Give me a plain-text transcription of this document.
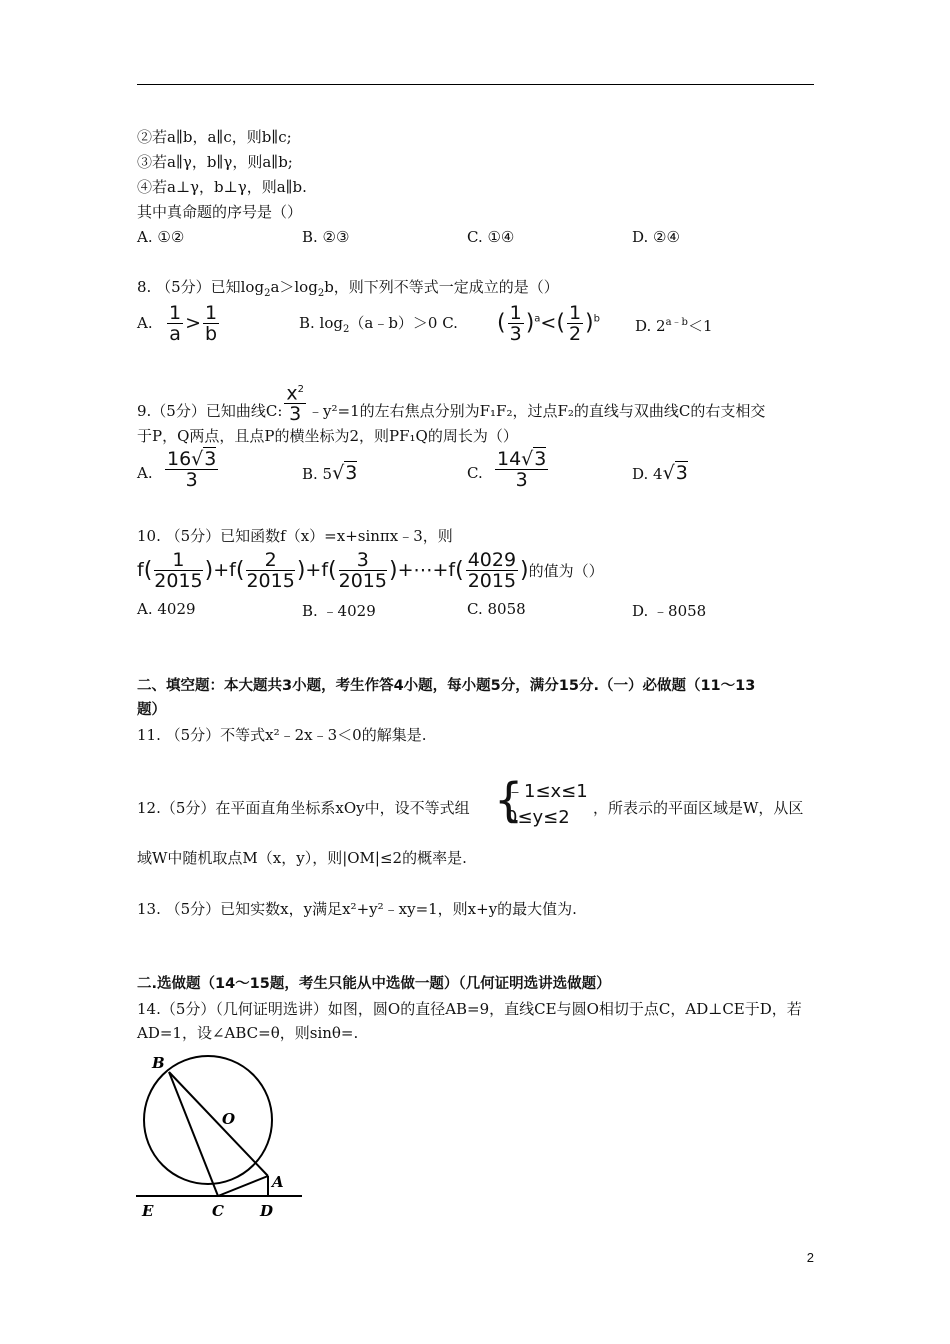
②若a∥b，a∥c，则b∥c;
③若a∥γ，b∥γ，则a∥b;
④若a⊥γ，b⊥γ，则a∥b.
其中真命题的序号是（）
A. ①②	B. ②③	C. ①④	D. ②④
8. （5分）已知$\log_2a>\log_2b$，则下列不等式一定成立的是（）
A. $\frac{1}{a} > \frac{1}{b}$	B. $\log_2(a﹣b)>0$ C. ( $\frac{1}{3} )^a<( \frac{1}{2} )^b$ D. $2^{a﹣b}<1$
9.（5分）已知曲线C: $\frac{x^2}{3}$ ﹣y²=1的左右焦点分别为F₁F₂，过点F₂的直线与双曲线C的右支相交
于P，Q两点，且点P的横坐标为2，则PF₁Q的周长为（）
A. $\frac{16√3}{3}$	B. 5√3	C. $\frac{14√3}{3}$	D. 4√3
10. （5分）已知函数f（x）=x+sinπx﹣3，则
$f( \frac{1}{2015} )+f( \frac{2}{2015} )+f( \frac{3}{2015}$ )+⋯+f( $\frac{4029}{2015}$ )的值为（）
A. 4029	B. ﹣4029	C. 8058	D. ﹣8058
二、填空题：本大题共3小题，考生作答4小题，每小题5分，满分15分.（一）必做题（11～13
题）
11. （5分）不等式x²﹣2x﹣3＜0的解集是.
12.（5分）在平面直角坐标系xOy中，设不等式组 {
﹣1≤x≤1
0≤y≤2	，所表示的平面区域是W，从区
域W中随机取点M（x，y），则|OM|≤2的概率是.
13. （5分）已知实数x，y满足x²+y²﹣xy=1，则x+y的最大值为.
二.选做题（14～15题，考生只能从中选做一题）（几何证明选讲选做题）
14.（5分）（几何证明选讲）如图，圆O的直径AB=9，直线CE与圆O相切于点C，AD⊥CE于D，若
AD=1，设∠ABC=θ，则sinθ=.
B
O
A
E	C D
2
